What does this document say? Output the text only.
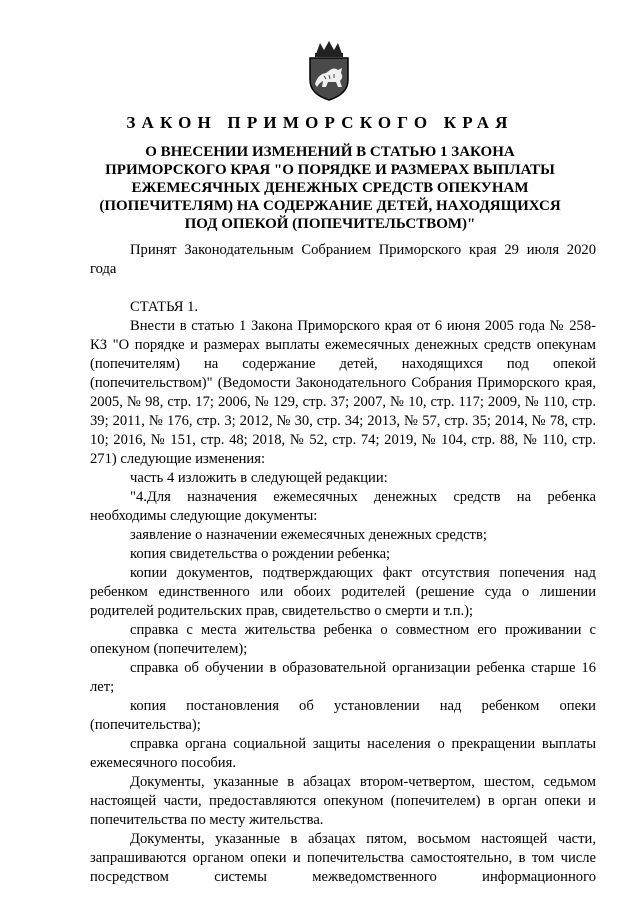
ЗАКОН ПРИМОРСКОГО КРАЯ

О ВНЕСЕНИИ ИЗМЕНЕНИЙ В СТАТЬЮ 1 ЗАКОНА ПРИМОРСКОГО КРАЯ "О ПОРЯДКЕ И РАЗМЕРАХ ВЫПЛАТЫ ЕЖЕМЕСЯЧНЫХ ДЕНЕЖНЫХ СРЕДСТВ ОПЕКУНАМ (ПОПЕЧИТЕЛЯМ) НА СОДЕРЖАНИЕ ДЕТЕЙ, НАХОДЯЩИХСЯ ПОД ОПЕКОЙ (ПОПЕЧИТЕЛЬСТВОМ)"

Принят Законодательным Собранием Приморского края 29 июля 2020 года

СТАТЬЯ 1.

Внести в статью 1 Закона Приморского края от 6 июня 2005 года № 258-КЗ "О порядке и размерах выплаты ежемесячных денежных средств опекунам (попечителям) на содержание детей, находящихся под опекой (попечительством)" (Ведомости Законодательного Собрания Приморского края, 2005, № 98, стр. 17; 2006, № 129, стр. 37; 2007, № 10, стр. 117; 2009, № 110, стр. 39; 2011, № 176, стр. 3; 2012, № 30, стр. 34; 2013, № 57, стр. 35; 2014, № 78, стр. 10; 2016, № 151, стр. 48; 2018, № 52, стр. 74; 2019, № 104, стр. 88, № 110, стр. 271) следующие изменения:

часть 4 изложить в следующей редакции:

"4.Для назначения ежемесячных денежных средств на ребенка необходимы следующие документы:

заявление о назначении ежемесячных денежных средств;

копия свидетельства о рождении ребенка;

копии документов, подтверждающих факт отсутствия попечения над ребенком единственного или обоих родителей (решение суда о лишении родителей родительских прав, свидетельство о смерти и т.п.);

справка с места жительства ребенка о совместном его проживании с опекуном (попечителем);

справка об обучении в образовательной организации ребенка старше 16 лет;

копия постановления об установлении над ребенком опеки (попечительства);

справка органа социальной защиты населения о прекращении выплаты ежемесячного пособия.

Документы, указанные в абзацах втором-четвертом, шестом, седьмом настоящей части, предоставляются опекуном (попечителем) в орган опеки и попечительства по месту жительства.

Документы, указанные в абзацах пятом, восьмом настоящей части, запрашиваются органом опеки и попечительства самостоятельно, в том числе посредством системы межведомственного информационного
